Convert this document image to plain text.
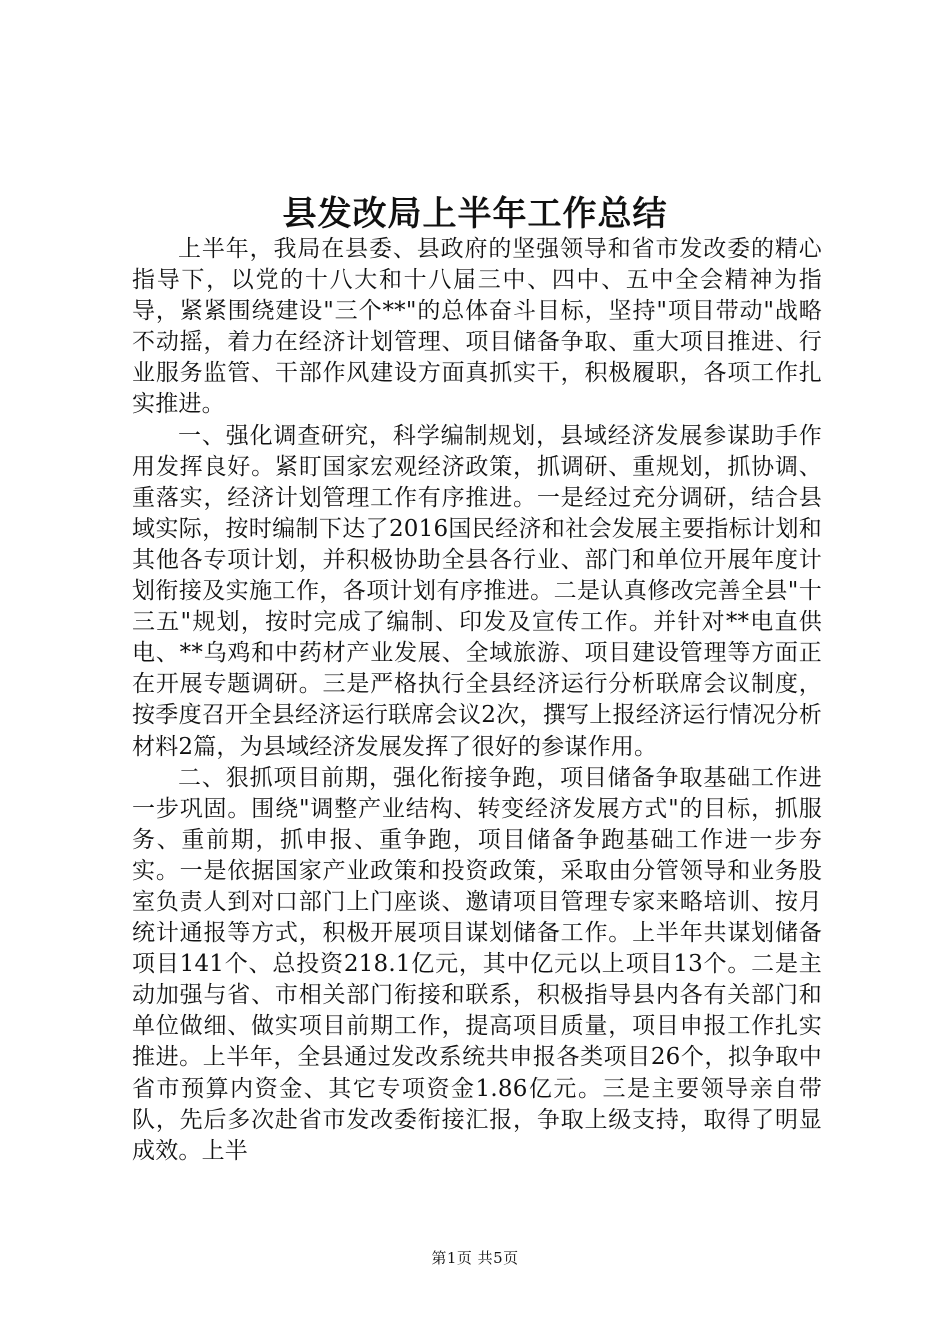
县发改局上半年工作总结

上半年，我局在县委、县政府的坚强领导和省市发改委的精心指导下，以党的十八大和十八届三中、四中、五中全会精神为指导，紧紧围绕建设"三个**"的总体奋斗目标，坚持"项目带动"战略不动摇，着力在经济计划管理、项目储备争取、重大项目推进、行业服务监管、干部作风建设方面真抓实干，积极履职，各项工作扎实推进。

一、强化调查研究，科学编制规划，县域经济发展参谋助手作用发挥良好。紧盯国家宏观经济政策，抓调研、重规划，抓协调、重落实，经济计划管理工作有序推进。一是经过充分调研，结合县域实际，按时编制下达了2016国民经济和社会发展主要指标计划和其他各专项计划，并积极协助全县各行业、部门和单位开展年度计划衔接及实施工作，各项计划有序推进。二是认真修改完善全县"十三五"规划，按时完成了编制、印发及宣传工作。并针对**电直供电、**乌鸡和中药材产业发展、全域旅游、项目建设管理等方面正在开展专题调研。三是严格执行全县经济运行分析联席会议制度，按季度召开全县经济运行联席会议2次，撰写上报经济运行情况分析材料2篇，为县域经济发展发挥了很好的参谋作用。

二、狠抓项目前期，强化衔接争跑，项目储备争取基础工作进一步巩固。围绕"调整产业结构、转变经济发展方式"的目标，抓服务、重前期，抓申报、重争跑，项目储备争跑基础工作进一步夯实。一是依据国家产业政策和投资政策，采取由分管领导和业务股室负责人到对口部门上门座谈、邀请项目管理专家来略培训、按月统计通报等方式，积极开展项目谋划储备工作。上半年共谋划储备项目141个、总投资218.1亿元，其中亿元以上项目13个。二是主动加强与省、市相关部门衔接和联系，积极指导县内各有关部门和单位做细、做实项目前期工作，提高项目质量，项目申报工作扎实推进。上半年，全县通过发改系统共申报各类项目26个，拟争取中省市预算内资金、其它专项资金1.86亿元。三是主要领导亲自带队，先后多次赴省市发改委衔接汇报，争取上级支持，取得了明显成效。上半

第1页 共5页
